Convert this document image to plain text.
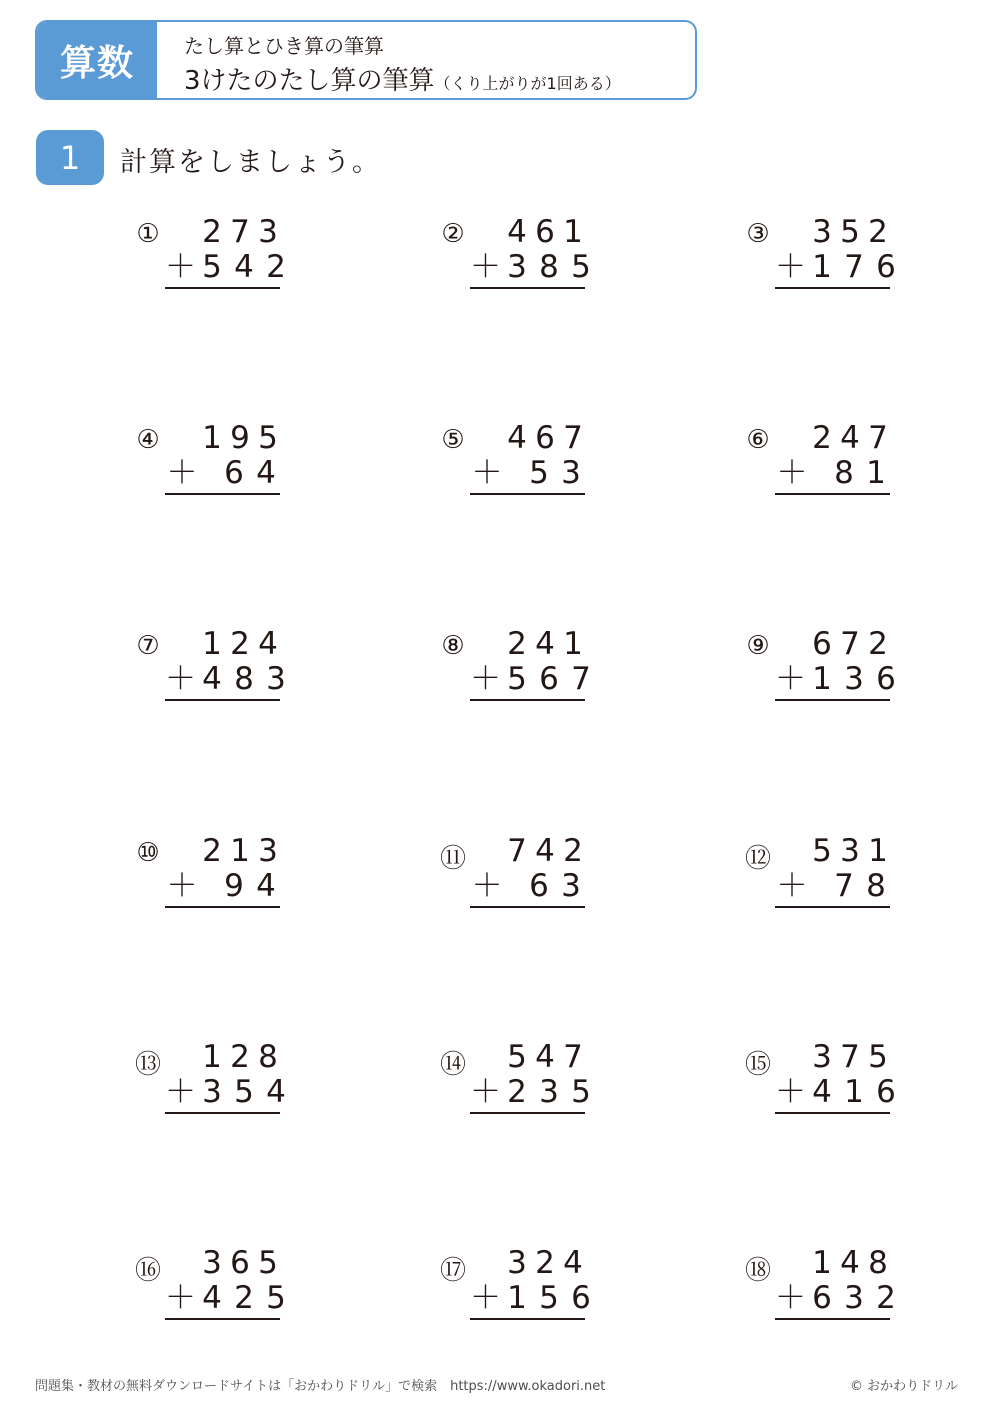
算数	たし算とひき算の筆算
3けたのたし算の筆算（くり上がりが1回ある）
1	計算をしましょう。
① 2 7 3
＋ 5 4 2
② 4 6 1
＋ 3 8 5
③ 3 5 2
＋ 1 7 6
④ 1 9 5
＋ 6 4
⑤ 4 6 7
＋ 5 3
⑥ 2 4 7
＋ 8 1
⑦ 1 2 4
＋ 4 8 3
⑧ 2 4 1
＋ 5 6 7
⑨ 6 7 2
＋ 1 3 6
⑩ 2 1 3
＋ 9 4
⑪ 7 4 2
＋ 6 3
⑫ 5 3 1
＋ 7 8
⑬ 1 2 8
＋ 3 5 4
⑭ 5 4 7
＋ 2 3 5
⑮ 3 7 5
＋ 4 1 6
⑯ 3 6 5
＋ 4 2 5
⑰ 3 2 4
＋ 1 5 6
⑱ 1 4 8
＋ 6 3 2
問題集・教材の無料ダウンロードサイトは「おかわりドリル」で検索　https://www.okadori.net	© おかわりドリル
